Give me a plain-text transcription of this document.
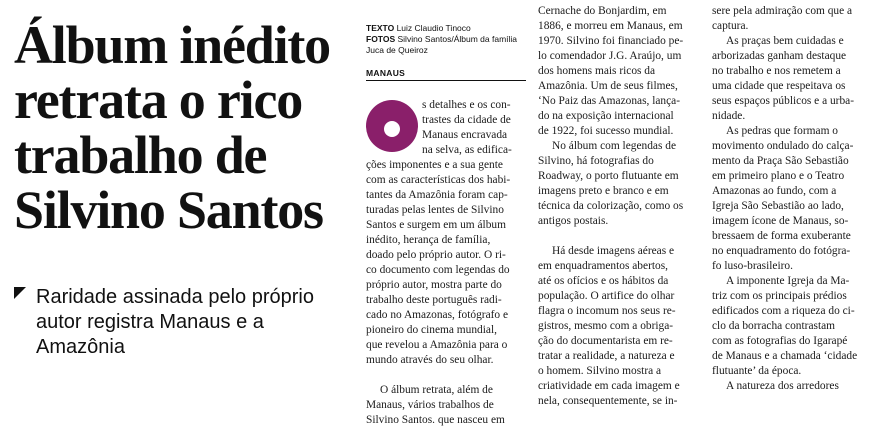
Álbum inédito
retrata o rico
trabalho de
Silvino Santos
Raridade assinada pelo próprio
autor registra Manaus e a
Amazônia
TEXTO Luiz Claudio Tinoco
FOTOS Silvino Santos/Álbum da família
Juca de Queiroz
MANAUS
s detalhes e os con-
trastes da cidade de
Manaus encravada
na selva, as edifica-
ções imponentes e a sua gente
com as características dos habi-
tantes da Amazônia foram cap-
turadas pelas lentes de Silvino
Santos e surgem em um álbum
inédito, herança de família,
doado pelo próprio autor. O ri-
co documento com legendas do
próprio autor, mostra parte do
trabalho deste português radi-
cado no Amazonas, fotógrafo e
pioneiro do cinema mundial,
que revelou a Amazônia para o
mundo através do seu olhar.
O álbum retrata, além de
Manaus, vários trabalhos de
Silvino Santos. que nasceu em
Cernache do Bonjardim, em
1886, e morreu em Manaus, em
1970. Silvino foi financiado pe-
lo comendador J.G. Araújo, um
dos homens mais ricos da
Amazônia. Um de seus filmes,
‘No Paiz das Amazonas, lança-
do na exposição internacional
de 1922, foi sucesso mundial.
No álbum com legendas de
Silvino, há fotografias do
Roadway, o porto flutuante em
imagens preto e branco e em
técnica da colorização, como os
antigos postais.
Há desde imagens aéreas e
em enquadramentos abertos,
até os ofícios e os hábitos da
população. O artifice do olhar
flagra o incomum nos seus re-
gistros, mesmo com a obriga-
ção do documentarista em re-
tratar a realidade, a natureza e
o homem. Silvino mostra a
criatividade em cada imagem e
nela, consequentemente, se in-
sere pela admiração com que a
captura.
As praças bem cuidadas e
arborizadas ganham destaque
no trabalho e nos remetem a
uma cidade que respeitava os
seus espaços públicos e a urba-
nidade.
As pedras que formam o
movimento ondulado do calça-
mento da Praça São Sebastião
em primeiro plano e o Teatro
Amazonas ao fundo, com a
Igreja São Sebastião ao lado,
imagem ícone de Manaus, so-
bressaem de forma exuberante
no enquadramento do fotógra-
fo luso-brasileiro.
A imponente Igreja da Ma-
triz com os principais prédios
edificados com a riqueza do ci-
clo da borracha contrastam
com as fotografias do Igarapé
de Manaus e a chamada ‘cidade
flutuante’ da época.
A natureza dos arredores
